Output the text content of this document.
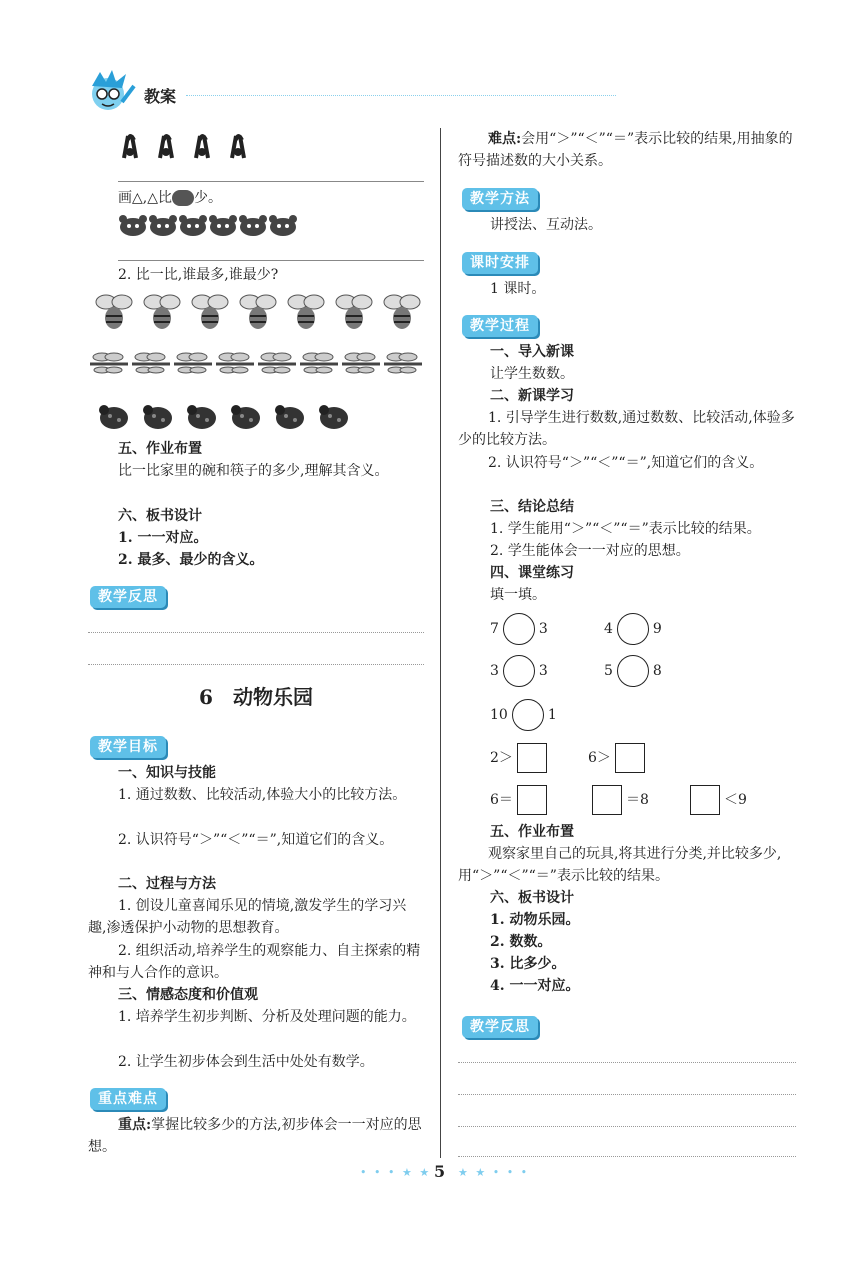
教案
画△,△比 少。
2. 比一比,谁最多,谁最少?
五、作业布置
比一比家里的碗和筷子的多少,理解其含义。
六、板书设计
1. 一一对应。
2. 最多、最少的含义。
教学反思
6　动物乐园
教学目标
一、知识与技能
1. 通过数数、比较活动,体验大小的比较方法。
2. 认识符号“＞”“＜”“＝”,知道它们的含义。
二、过程与方法
1. 创设儿童喜闻乐见的情境,激发学生的学习兴趣,渗透保护小动物的思想教育。
2. 组织活动,培养学生的观察能力、自主探索的精神和与人合作的意识。
三、情感态度和价值观
1. 培养学生初步判断、分析及处理问题的能力。
2. 让学生初步体会到生活中处处有数学。
重点难点
重点:掌握比较多少的方法,初步体会一一对应的思想。
难点:会用“＞”“＜”“＝”表示比较的结果,用抽象的符号描述数的大小关系。
教学方法
讲授法、互动法。
课时安排
1 课时。
教学过程
一、导入新课
让学生数数。
二、新课学习
1. 引导学生进行数数,通过数数、比较活动,体验多少的比较方法。
2. 认识符号“＞”“＜”“＝”,知道它们的含义。
三、结论总结
1. 学生能用“＞”“＜”“＝”表示比较的结果。
2. 学生能体会一一对应的思想。
四、课堂练习
填一填。
7	3	4	9
3	3	5	8
10	1
2＞	6＞
6＝	＝8	＜9
五、作业布置
观察家里自己的玩具,将其进行分类,并比较多少,用“＞”“＜”“＝”表示比较的结果。
六、板书设计
1. 动物乐园。
2. 数数。
3. 比多少。
4. 一一对应。
教学反思
• • • ★ ★ 5 ★ ★ • • •
